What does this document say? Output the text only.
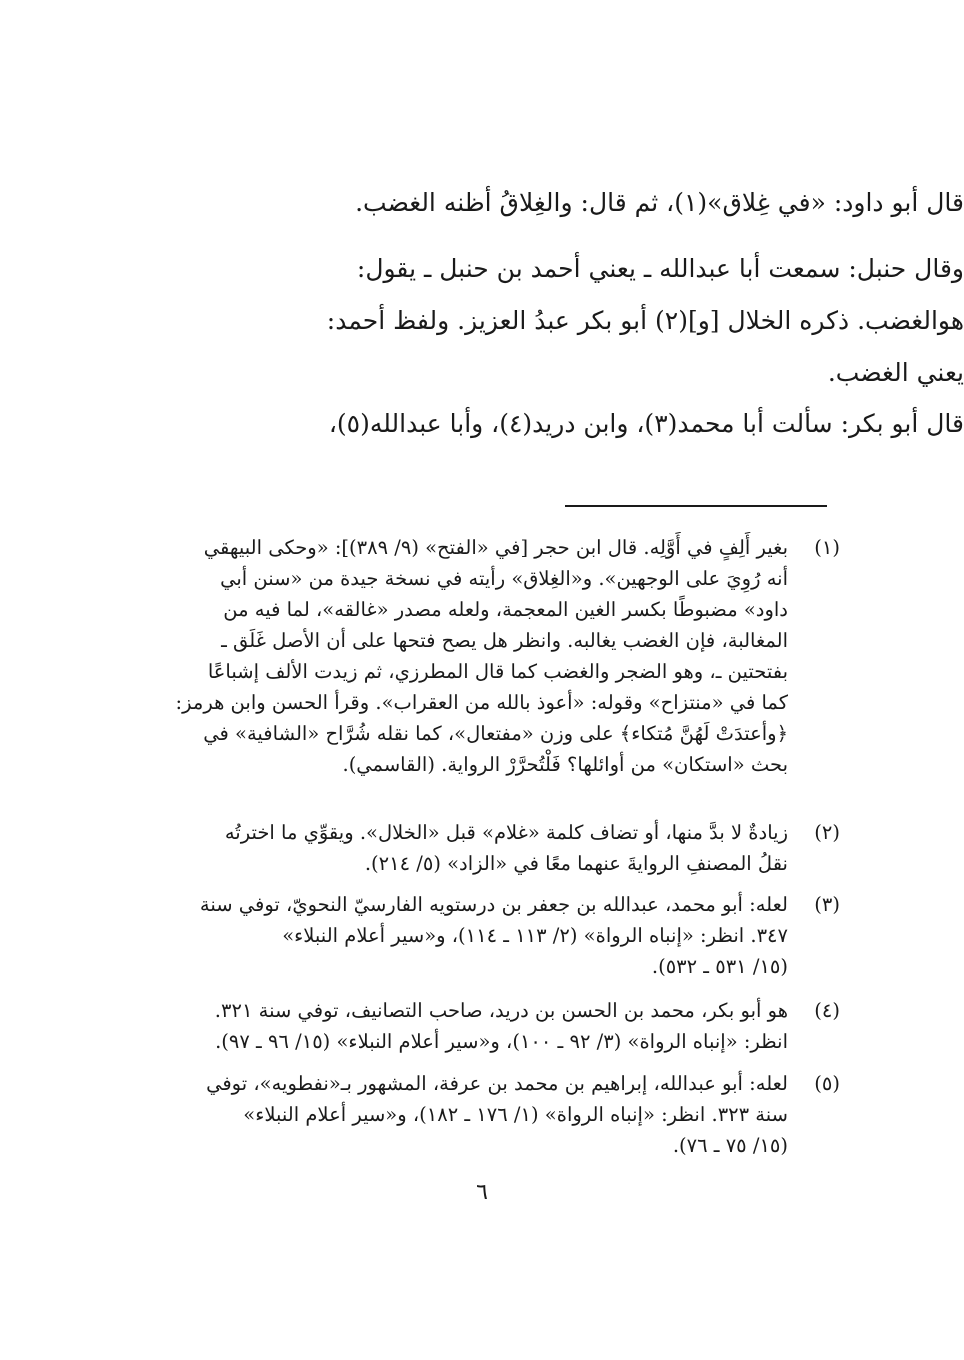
قال أبو داود: «في غِلاق»(١)، ثم قال: والغِلاقُ أظنه الغضب.
وقال حنبل: سمعت أبا عبدالله ـ يعني أحمد بن حنبل ـ يقول:
هوالغضب. ذكره الخلال [و](٢) أبو بكر عبدُ العزيز. ولفظ أحمد:
يعني الغضب.
قال أبو بكر: سألت أبا محمد(٣)، وابن دريد(٤)، وأبا عبدالله(٥)،
(١)
بغير أَلِفٍ في أَوَّلِه. قال ابن حجر [في «الفتح» (٩/ ٣٨٩)]: «وحكى البيهقي
أنه رُوِيَ على الوجهين». و«الغِلاق» رأيته في نسخة جيدة من «سنن أبي
داود» مضبوطًا بكسر الغين المعجمة، ولعله مصدر «غالقه»، لما فيه من
المغالبة، فإن الغضب يغالبه. وانظر هل يصح فتحها على أن الأصل غَلَق ـ
بفتحتين ـ، وهو الضجر والغضب كما قال المطرزي، ثم زيدت الألف إشباعًا
كما في «منتزاح» وقوله: «أعوذ بالله من العقراب». وقرأ الحسن وابن هرمز:
﴿وأعتدَتْ لَهُنَّ مُتكاء﴾ على وزن «مفتعال»، كما نقله شُرَّاح «الشافية» في
بحث «استكان» من أوائلها؟ فَلْتُحرَّرْ الرواية. (القاسمي).
(٢)
زيادةٌ لا بدَّ منها، أو تضاف كلمة «غلام» قبل «الخلال». ويقوِّي ما اخترتُه
نقلُ المصنفِ الروايةَ عنهما معًا في «الزاد» (٥/ ٢١٤).
(٣)
لعله: أبو محمد، عبدالله بن جعفر بن درستويه الفارسيّ النحويّ، توفي سنة
٣٤٧. انظر: «إنباه الرواة» (٢/ ١١٣ ـ ١١٤)، و«سير أعلام النبلاء»
(١٥/ ٥٣١ ـ ٥٣٢).
(٤)
هو أبو بكر، محمد بن الحسن بن دريد، صاحب التصانيف، توفي سنة ٣٢١.
انظر: «إنباه الرواة» (٣/ ٩٢ ـ ١٠٠)، و«سير أعلام النبلاء» (١٥/ ٩٦ ـ ٩٧).
(٥)
لعله: أبو عبدالله، إبراهيم بن محمد بن عرفة، المشهور بـ«نفطويه»، توفي
سنة ٣٢٣. انظر: «إنباه الرواة» (١/ ١٧٦ ـ ١٨٢)، و«سير أعلام النبلاء»
(١٥/ ٧٥ ـ ٧٦).
٦
